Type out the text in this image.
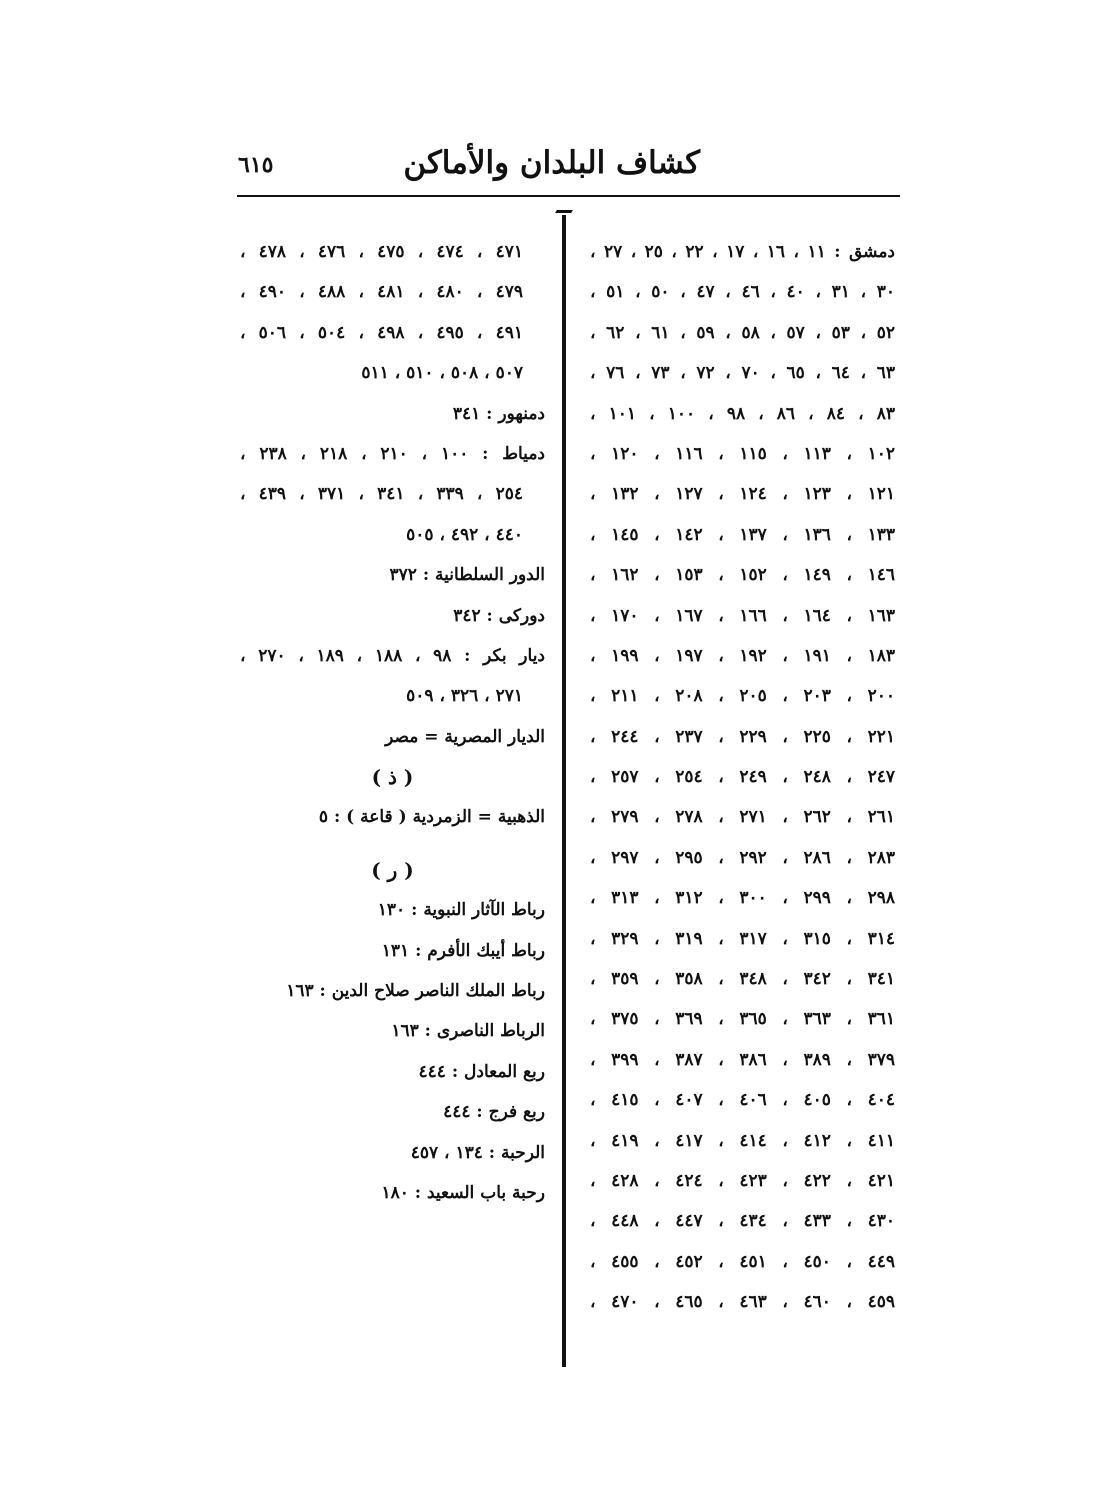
كشاف البلدان والأماكن
٦١٥
دمشق : ١١ ، ١٦ ، ١٧ ، ٢٢ ، ٢٥ ، ٢٧ ،
٣٠ ، ٣١ ، ٤٠ ، ٤٦ ، ٤٧ ، ٥٠ ، ٥١ ،
٥٢ ، ٥٣ ، ٥٧ ، ٥٨ ، ٥٩ ، ٦١ ، ٦٢ ،
٦٣ ، ٦٤ ، ٦٥ ، ٧٠ ، ٧٢ ، ٧٣ ، ٧٦ ،
٨٣ ، ٨٤ ، ٨٦ ، ٩٨ ، ١٠٠ ، ١٠١ ،
١٠٢ ، ١١٣ ، ١١٥ ، ١١٦ ، ١٢٠ ،
١٢١ ، ١٢٣ ، ١٢٤ ، ١٢٧ ، ١٣٢ ،
١٣٣ ، ١٣٦ ، ١٣٧ ، ١٤٢ ، ١٤٥ ،
١٤٦ ، ١٤٩ ، ١٥٢ ، ١٥٣ ، ١٦٢ ،
١٦٣ ، ١٦٤ ، ١٦٦ ، ١٦٧ ، ١٧٠ ،
١٨٣ ، ١٩١ ، ١٩٢ ، ١٩٧ ، ١٩٩ ،
٢٠٠ ، ٢٠٣ ، ٢٠٥ ، ٢٠٨ ، ٢١١ ،
٢٢١ ، ٢٢٥ ، ٢٢٩ ، ٢٣٧ ، ٢٤٤ ،
٢٤٧ ، ٢٤٨ ، ٢٤٩ ، ٢٥٤ ، ٢٥٧ ،
٢٦١ ، ٢٦٢ ، ٢٧١ ، ٢٧٨ ، ٢٧٩ ،
٢٨٣ ، ٢٨٦ ، ٢٩٢ ، ٢٩٥ ، ٢٩٧ ،
٢٩٨ ، ٢٩٩ ، ٣٠٠ ، ٣١٢ ، ٣١٣ ،
٣١٤ ، ٣١٥ ، ٣١٧ ، ٣١٩ ، ٣٢٩ ،
٣٤١ ، ٣٤٢ ، ٣٤٨ ، ٣٥٨ ، ٣٥٩ ،
٣٦١ ، ٣٦٣ ، ٣٦٥ ، ٣٦٩ ، ٣٧٥ ،
٣٧٩ ، ٣٨٩ ، ٣٨٦ ، ٣٨٧ ، ٣٩٩ ،
٤٠٤ ، ٤٠٥ ، ٤٠٦ ، ٤٠٧ ، ٤١٥ ،
٤١١ ، ٤١٢ ، ٤١٤ ، ٤١٧ ، ٤١٩ ،
٤٢١ ، ٤٢٢ ، ٤٢٣ ، ٤٢٤ ، ٤٢٨ ،
٤٣٠ ، ٤٣٣ ، ٤٣٤ ، ٤٤٧ ، ٤٤٨ ،
٤٤٩ ، ٤٥٠ ، ٤٥١ ، ٤٥٢ ، ٤٥٥ ،
٤٥٩ ، ٤٦٠ ، ٤٦٣ ، ٤٦٥ ، ٤٧٠ ،
٤٧١ ، ٤٧٤ ، ٤٧٥ ، ٤٧٦ ، ٤٧٨ ،
٤٧٩ ، ٤٨٠ ، ٤٨١ ، ٤٨٨ ، ٤٩٠ ،
٤٩١ ، ٤٩٥ ، ٤٩٨ ، ٥٠٤ ، ٥٠٦ ،
٥٠٧ ، ٥٠٨ ، ٥١٠ ، ٥١١
دمنهور : ٣٤١
دمياط : ١٠٠ ، ٢١٠ ، ٢١٨ ، ٢٣٨ ،
٢٥٤ ، ٣٣٩ ، ٣٤١ ، ٣٧١ ، ٤٣٩ ،
٤٤٠ ، ٤٩٢ ، ٥٠٥
الدور السلطانية : ٣٧٢
دوركى : ٣٤٢
ديار بكر : ٩٨ ، ١٨٨ ، ١٨٩ ، ٢٧٠ ،
٢٧١ ، ٣٢٦ ، ٥٠٩
الديار المصرية = مصر
( ذ )
الذهبية = الزمردية ( قاعة ) : ٥
( ر )
رباط الآثار النبوية : ١٣٠
رباط أيبك الأفرم : ١٣١
رباط الملك الناصر صلاح الدين : ١٦٣
الرباط الناصرى : ١٦٣
ربع المعادل : ٤٤٤
ربع فرج : ٤٤٤
الرحبة : ١٣٤ ، ٤٥٧
رحبة باب السعيد : ١٨٠
